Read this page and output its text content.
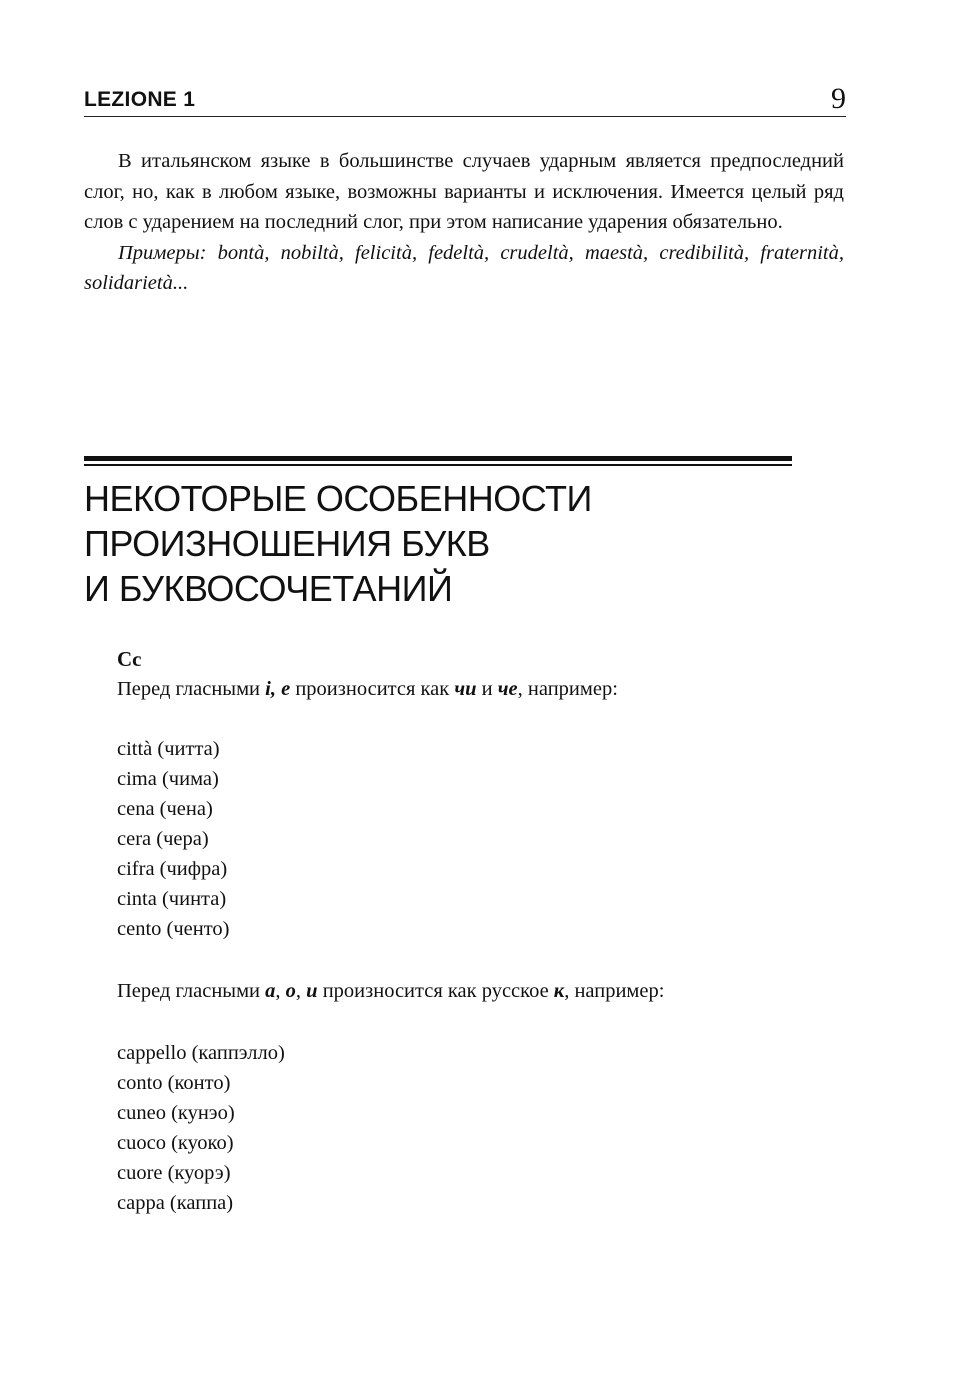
LEZIONE 1	9

В итальянском языке в большинстве случаев ударным является предпоследний слог, но, как в любом языке, возможны варианты и исключения. Имеется целый ряд слов с ударением на последний слог, при этом написание ударения обязательно.

Примеры: bontà, nobiltà, felicità, fedeltà, crudeltà, maestà, credibilità, fraternità, solidarietà...

НЕКОТОРЫЕ ОСОБЕННОСТИ
ПРОИЗНОШЕНИЯ БУКВ
И БУКВОСОЧЕТАНИЙ
Cc
Перед гласными i, e произносится как чи и че, например:
città (читта)
cima (чима)
cena (чена)
cera (чера)
cifra (чифра)
cinta (чинта)
cento (ченто)
Перед гласными а, о, и произносится как русское к, например:
cappello (каппэлло)
conto (конто)
cuneo (кунэо)
cuoco (куоко)
cuore (куорэ)
cappa (каппа)
